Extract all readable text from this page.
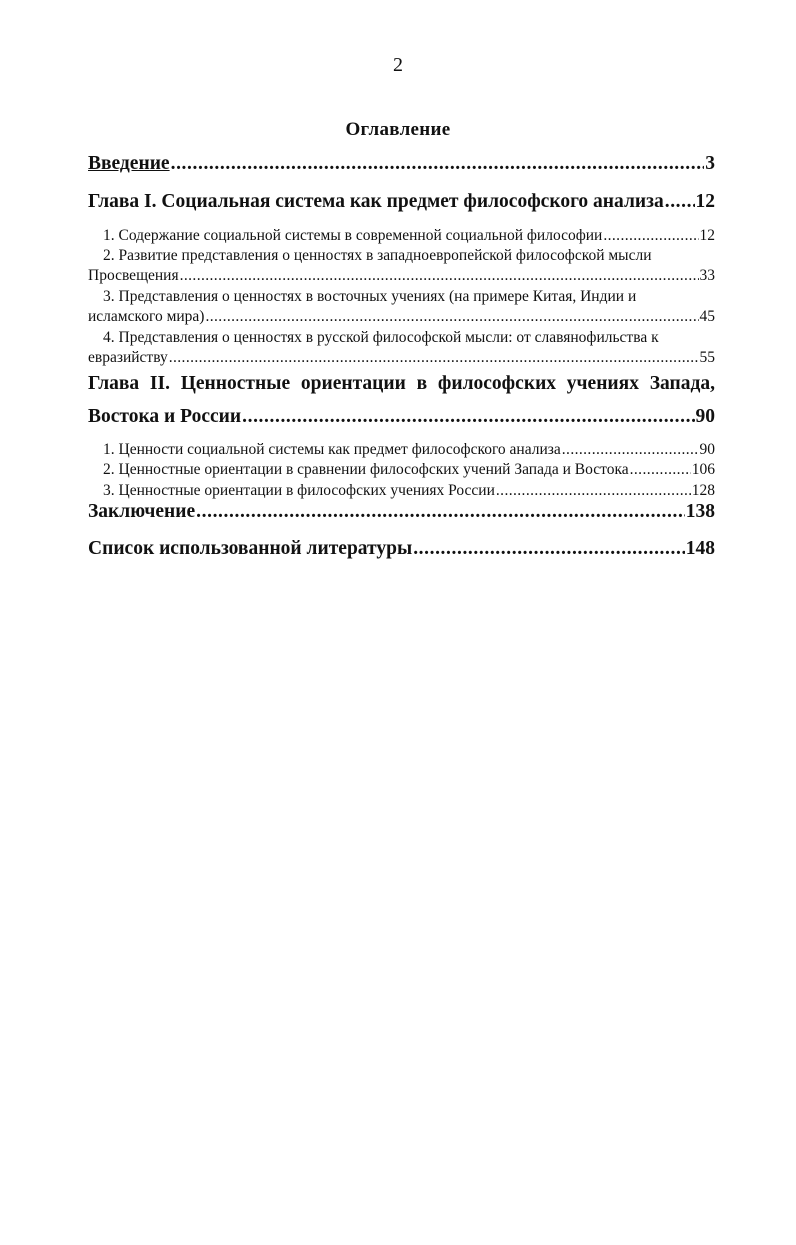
2
Оглавление
Введение .....	3
Глава I. Социальная система как предмет философского анализа ..... 12
1. Содержание социальной системы в современной социальной философии .....	12
2. Развитие представления о ценностях в западноевропейской философской мысли
Просвещения .....	33
3. Представления о ценностях в восточных учениях (на примере Китая, Индии и
исламского мира) .....	45
4. Представления о ценностях в русской философской мысли: от славянофильства к
евразийству .....	55
Глава II. Ценностные ориентации в философских учениях Запада,
Востока и России .....	90
1. Ценности социальной системы как предмет философского анализа .....	90
2. Ценностные ориентации в сравнении философских учений Запада и Востока .....	106
3. Ценностные ориентации в философских учениях России .....	128
Заключение .....	138
Список использованной литературы .....	148
